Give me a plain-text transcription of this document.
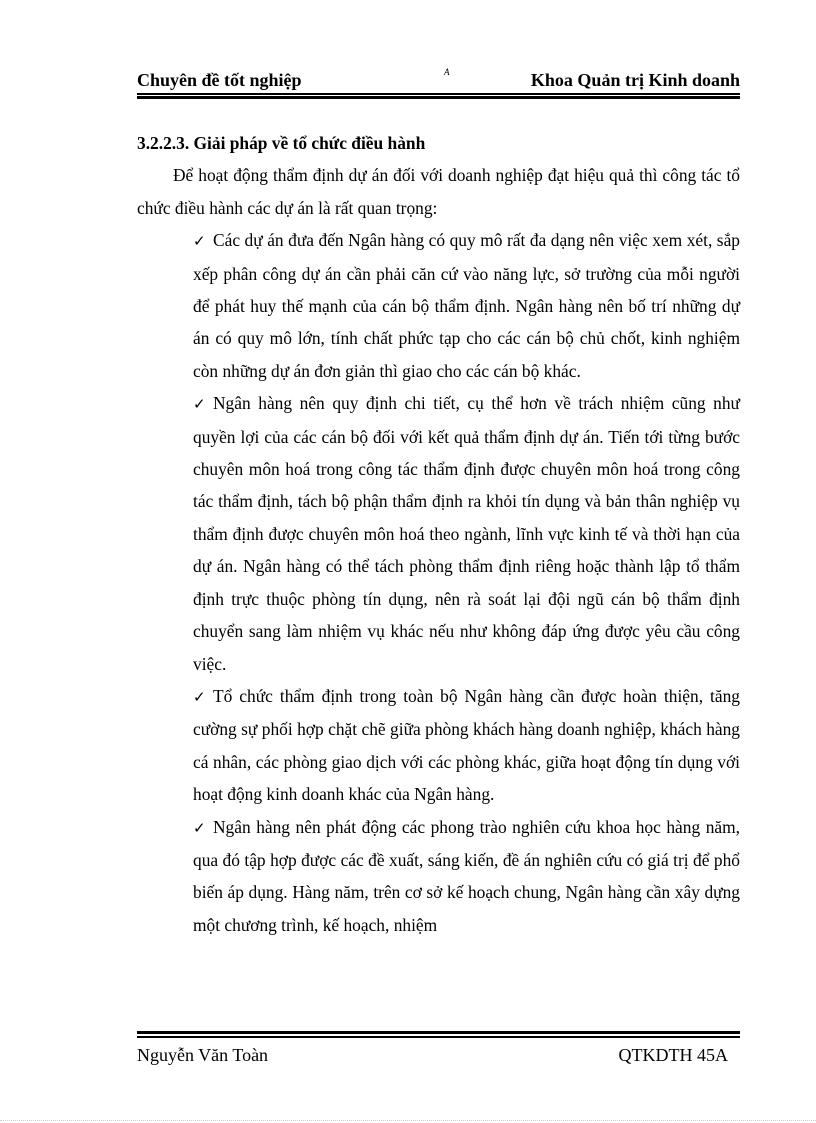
Chuyên đề tốt nghiệp	A	Khoa Quản trị Kinh doanh
3.2.2.3. Giải pháp về tổ chức điều hành

Để hoạt động thẩm định dự án đối với doanh nghiệp đạt hiệu quả thì công tác tổ chức điều hành các dự án là rất quan trọng:

✓ Các dự án đưa đến Ngân hàng có quy mô rất đa dạng nên việc xem xét, sắp xếp phân công dự án cần phải căn cứ vào năng lực, sở trường của mỗi người để phát huy thế mạnh của cán bộ thẩm định. Ngân hàng nên bố trí những dự án có quy mô lớn, tính chất phức tạp cho các cán bộ chủ chốt, kinh nghiệm còn những dự án đơn giản thì giao cho các cán bộ khác.
✓ Ngân hàng nên quy định chi tiết, cụ thể hơn về trách nhiệm cũng như quyền lợi của các cán bộ đối với kết quả thẩm định dự án. Tiến tới từng bước chuyên môn hoá trong công tác thẩm định được chuyên môn hoá trong công tác thẩm định, tách bộ phận thẩm định ra khỏi tín dụng và bản thân nghiệp vụ thẩm định được chuyên môn hoá theo ngành, lĩnh vực kinh tế và thời hạn của dự án. Ngân hàng có thể tách phòng thẩm định riêng hoặc thành lập tổ thẩm định trực thuộc phòng tín dụng, nên rà soát lại đội ngũ cán bộ thẩm định chuyển sang làm nhiệm vụ khác nếu như không đáp ứng được yêu cầu công việc.
✓ Tổ chức thẩm định trong toàn bộ Ngân hàng cần được hoàn thiện, tăng cường sự phối hợp chặt chẽ giữa phòng khách hàng doanh nghiệp, khách hàng cá nhân, các phòng giao dịch với các phòng khác, giữa hoạt động tín dụng với hoạt động kinh doanh khác của Ngân hàng.
✓ Ngân hàng nên phát động các phong trào nghiên cứu khoa học hàng năm, qua đó tập hợp được các đề xuất, sáng kiến, đề án nghiên cứu có giá trị để phổ biến áp dụng. Hàng năm, trên cơ sở kế hoạch chung, Ngân hàng cần xây dựng một chương trình, kế hoạch, nhiệm
Nguyễn Văn Toàn	QTKDTH 45A
